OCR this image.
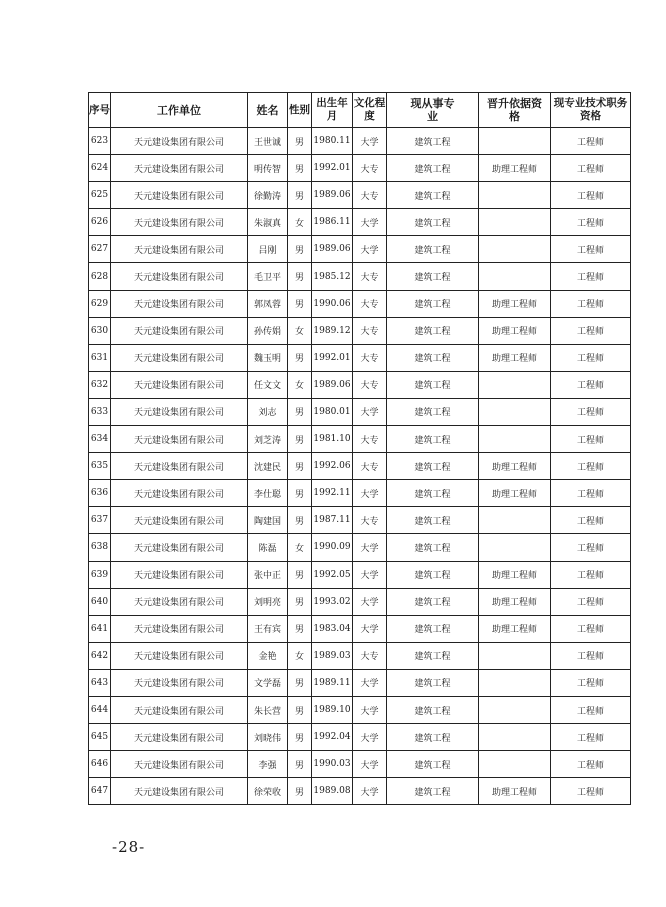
序号	工作单位	姓名	性别	出生年月	文化程度	现从事专业	晋升依据资格	现专业技术职务资格
623	天元建设集团有限公司	王世诚	男	1980.11	大学	建筑工程		工程师
624	天元建设集团有限公司	明传智	男	1992.01	大专	建筑工程	助理工程师	工程师
625	天元建设集团有限公司	徐勤涛	男	1989.06	大专	建筑工程		工程师
626	天元建设集团有限公司	朱淑真	女	1986.11	大学	建筑工程		工程师
627	天元建设集团有限公司	吕刚	男	1989.06	大学	建筑工程		工程师
628	天元建设集团有限公司	毛卫平	男	1985.12	大专	建筑工程		工程师
629	天元建设集团有限公司	郭凤蓉	男	1990.06	大专	建筑工程	助理工程师	工程师
630	天元建设集团有限公司	孙传娟	女	1989.12	大专	建筑工程	助理工程师	工程师
631	天元建设集团有限公司	魏玉明	男	1992.01	大专	建筑工程	助理工程师	工程师
632	天元建设集团有限公司	任文文	女	1989.06	大专	建筑工程		工程师
633	天元建设集团有限公司	刘志	男	1980.01	大学	建筑工程		工程师
634	天元建设集团有限公司	刘芝涛	男	1981.10	大专	建筑工程		工程师
635	天元建设集团有限公司	沈建民	男	1992.06	大专	建筑工程	助理工程师	工程师
636	天元建设集团有限公司	李仕聪	男	1992.11	大学	建筑工程	助理工程师	工程师
637	天元建设集团有限公司	陶建国	男	1987.11	大专	建筑工程		工程师
638	天元建设集团有限公司	陈磊	女	1990.09	大学	建筑工程		工程师
639	天元建设集团有限公司	张中正	男	1992.05	大学	建筑工程	助理工程师	工程师
640	天元建设集团有限公司	刘明亮	男	1993.02	大学	建筑工程	助理工程师	工程师
641	天元建设集团有限公司	王有宾	男	1983.04	大学	建筑工程	助理工程师	工程师
642	天元建设集团有限公司	金艳	女	1989.03	大专	建筑工程		工程师
643	天元建设集团有限公司	文学磊	男	1989.11	大学	建筑工程		工程师
644	天元建设集团有限公司	朱长营	男	1989.10	大学	建筑工程		工程师
645	天元建设集团有限公司	刘晓伟	男	1992.04	大学	建筑工程		工程师
646	天元建设集团有限公司	李强	男	1990.03	大学	建筑工程		工程师
647	天元建设集团有限公司	徐荣收	男	1989.08	大学	建筑工程	助理工程师	工程师
-28-
